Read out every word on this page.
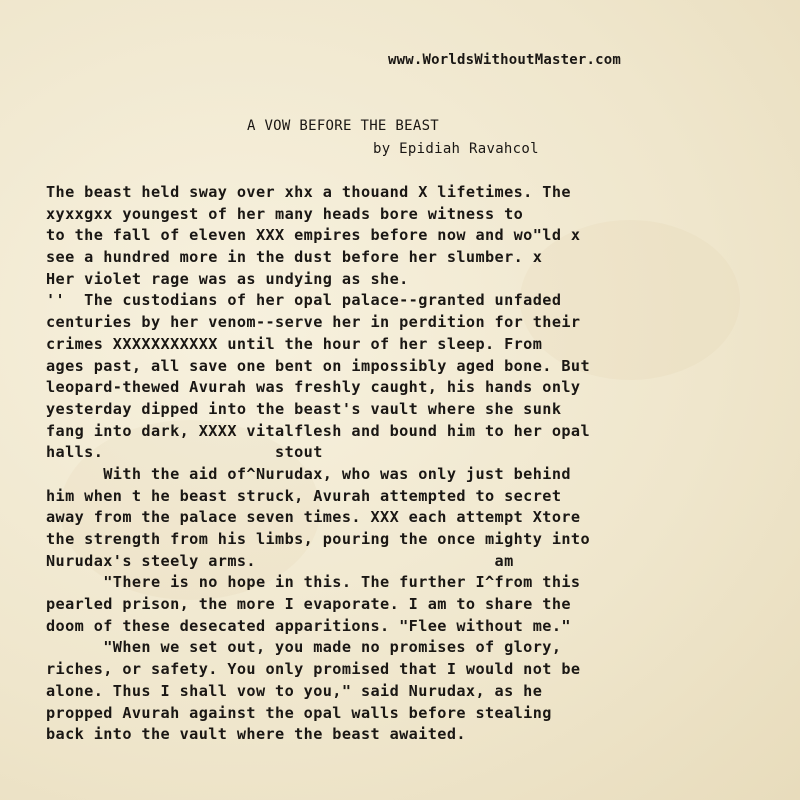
www.WorldsWithoutMaster.com
A VOW BEFORE THE BEAST
by Epidiah Ravahcol
The beast held sway over xhx a thouand X lifetimes. The
xyxxgxx youngest of her many heads bore witness to
to the fall of eleven XXX empires before now and wo"ld x
see a hundred more in the dust before her slumber. x
Her violet rage was as undying as she.
''  The custodians of her opal palace--granted unfaded
centuries by her venom--serve her in perdition for their
crimes XXXXXXXXXXX until the hour of her sleep. From
ages past, all save one bent on impossibly aged bone. But
leopard-thewed Avurah was freshly caught, his hands only
yesterday dipped into the beast's vault where she sunk
fang into dark, XXXX vitalflesh and bound him to her opal
halls.                  stout
With the aid of^Nurudax, who was only just behind
him when t he beast struck, Avurah attempted to secret
away from the palace seven times. XXX each attempt Xtore
the strength from his limbs, pouring the once mighty into
Nurudax's steely arms.                         am
"There is no hope in this. The further I^from this
pearled prison, the more I evaporate. I am to share the
doom of these desecated apparitions. "Flee without me."
"When we set out, you made no promises of glory,
riches, or safety. You only promised that I would not be
alone. Thus I shall vow to you," said Nurudax, as he
propped Avurah against the opal walls before stealing
back into the vault where the beast awaited.
